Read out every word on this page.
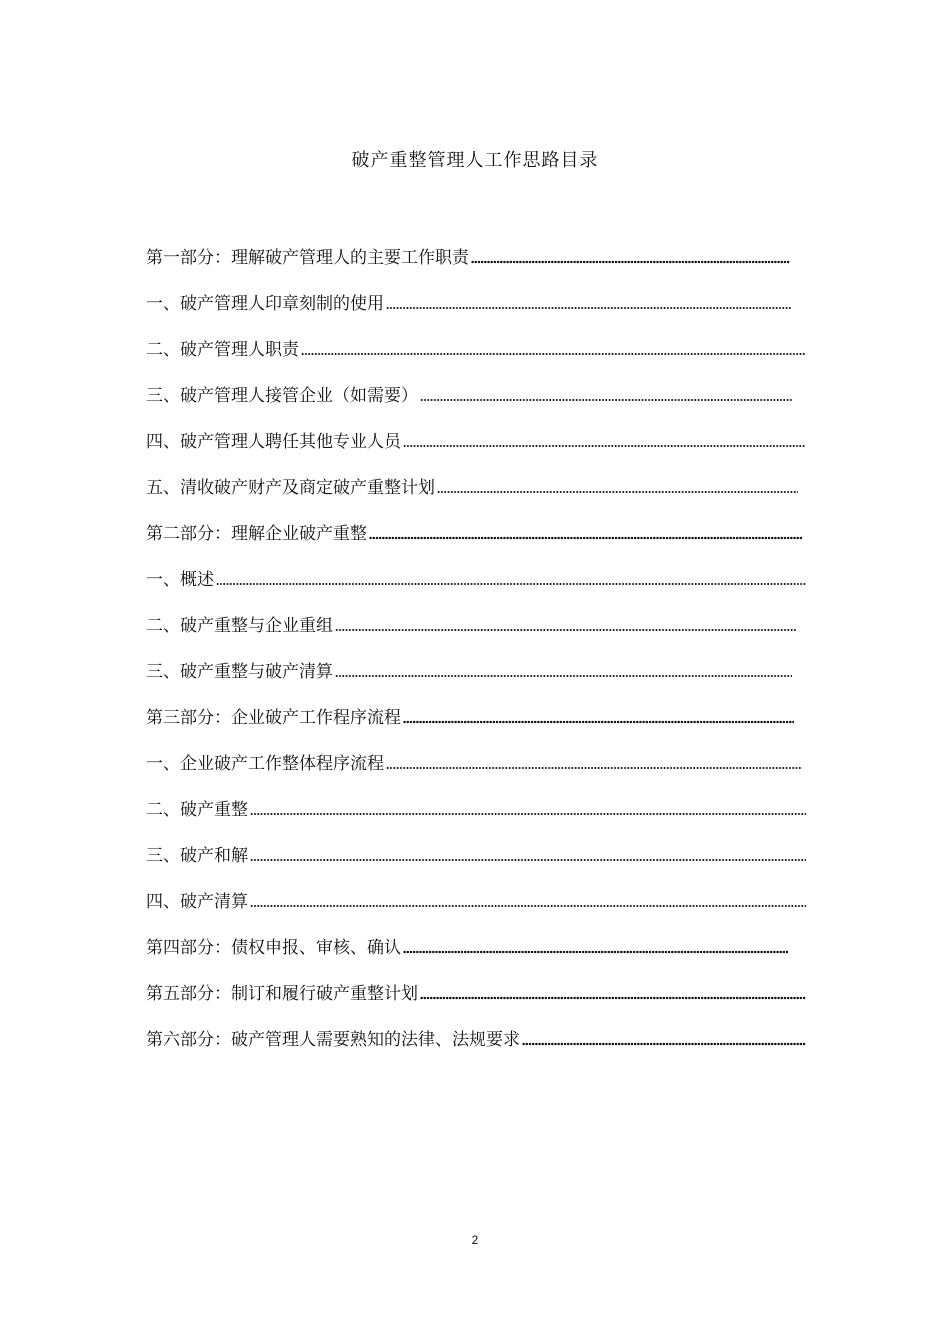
破产重整管理人工作思路目录
第一部分：理解破产管理人的主要工作职责
一、破产管理人印章刻制的使用
二、破产管理人职责
三、破产管理人接管企业（如需要）
四、破产管理人聘任其他专业人员
五、清收破产财产及商定破产重整计划
第二部分：理解企业破产重整
一、概述
二、破产重整与企业重组
三、破产重整与破产清算
第三部分：企业破产工作程序流程
一、企业破产工作整体程序流程
二、破产重整
三、破产和解
四、破产清算
第四部分：债权申报、审核、确认
第五部分：制订和履行破产重整计划
第六部分：破产管理人需要熟知的法律、法规要求
2
